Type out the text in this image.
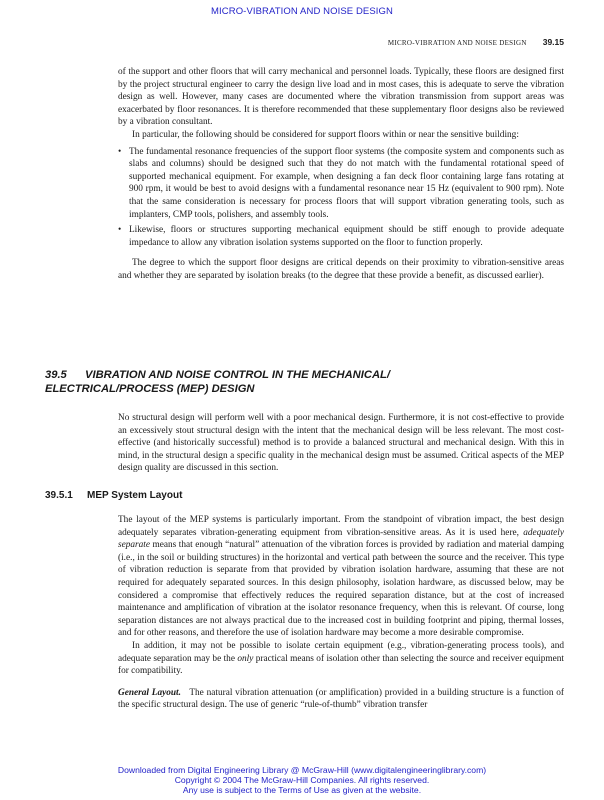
MICRO-VIBRATION AND NOISE DESIGN
MICRO-VIBRATION AND NOISE DESIGN 39.15

of the support and other floors that will carry mechanical and personnel loads. Typically, these floors are designed first by the project structural engineer to carry the design live load and in most cases, this is adequate to serve the vibration design as well. However, many cases are documented where the vibration transmission from support areas was exacerbated by floor resonances. It is therefore recommended that these supplementary floor designs also be reviewed by a vibration consultant.

In particular, the following should be considered for support floors within or near the sensitive building:

• The fundamental resonance frequencies of the support floor systems (the composite system and components such as slabs and columns) should be designed such that they do not match with the fundamental rotational speed of supported mechanical equipment. For example, when designing a fan deck floor containing large fans rotating at 900 rpm, it would be best to avoid designs with a fundamental resonance near 15 Hz (equivalent to 900 rpm). Note that the same consideration is necessary for process floors that will support vibration generating tools, such as implanters, CMP tools, polishers, and assembly tools.
• Likewise, floors or structures supporting mechanical equipment should be stiff enough to provide adequate impedance to allow any vibration isolation systems supported on the floor to function properly.

The degree to which the support floor designs are critical depends on their proximity to vibration-sensitive areas and whether they are separated by isolation breaks (to the degree that these provide a benefit, as discussed earlier).

39.5 VIBRATION AND NOISE CONTROL IN THE MECHANICAL/
ELECTRICAL/PROCESS (MEP) DESIGN

No structural design will perform well with a poor mechanical design. Furthermore, it is not cost-effective to provide an excessively stout structural design with the intent that the mechanical design will be less relevant. The most cost-effective (and historically successful) method is to provide a balanced structural and mechanical design. With this in mind, in the structural design a specific quality in the mechanical design must be assumed. Critical aspects of the MEP design quality are discussed in this section.

39.5.1 MEP System Layout

The layout of the MEP systems is particularly important. From the standpoint of vibration impact, the best design adequately separates vibration-generating equipment from vibration-sensitive areas. As it is used here, adequately separate means that enough “natural” attenuation of the vibration forces is provided by radiation and material damping (i.e., in the soil or building structures) in the horizontal and vertical path between the source and the receiver. This type of vibration reduction is separate from that provided by vibration isolation hardware, assuming that these are not required for adequately separated sources. In this design philosophy, isolation hardware, as discussed below, may be considered a compromise that effectively reduces the required separation distance, but at the cost of increased maintenance and amplification of vibration at the isolator resonance frequency, when this is relevant. Of course, long separation distances are not always practical due to the increased cost in building footprint and piping, thermal losses, and for other reasons, and therefore the use of isolation hardware may become a more desirable compromise.

In addition, it may not be possible to isolate certain equipment (e.g., vibration-generating process tools), and adequate separation may be the only practical means of isolation other than selecting the source and receiver equipment for compatibility.

General Layout. The natural vibration attenuation (or amplification) provided in a building structure is a function of the specific structural design. The use of generic “rule-of-thumb” vibration transfer

Downloaded from Digital Engineering Library @ McGraw-Hill (www.digitalengineeringlibrary.com)
Copyright © 2004 The McGraw-Hill Companies. All rights reserved.
Any use is subject to the Terms of Use as given at the website.
